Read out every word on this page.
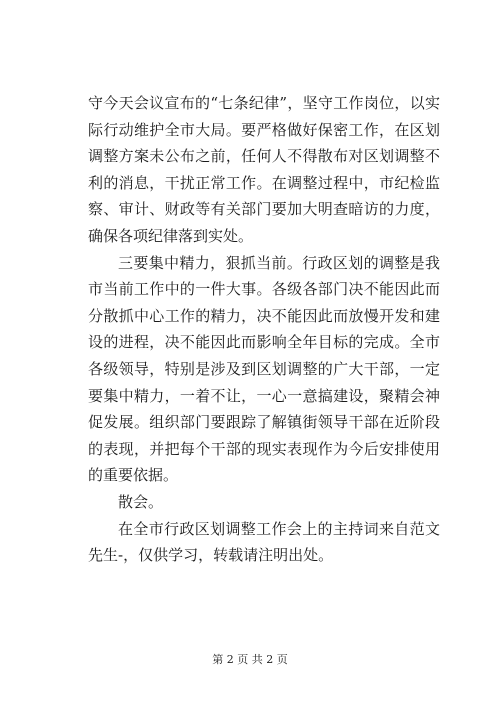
守今天会议宣布的“七条纪律”，坚守工作岗位，以实际行动维护全市大局。要严格做好保密工作，在区划调整方案未公布之前，任何人不得散布对区划调整不利的消息，干扰正常工作。在调整过程中，市纪检监察、审计、财政等有关部门要加大明查暗访的力度，确保各项纪律落到实处。

三要集中精力，狠抓当前。行政区划的调整是我市当前工作中的一件大事。各级各部门决不能因此而分散抓中心工作的精力，决不能因此而放慢开发和建设的进程，决不能因此而影响全年目标的完成。全市各级领导，特别是涉及到区划调整的广大干部，一定要集中精力，一着不让，一心一意搞建设，聚精会神促发展。组织部门要跟踪了解镇街领导干部在近阶段的表现，并把每个干部的现实表现作为今后安排使用的重要依据。

散会。

在全市行政区划调整工作会上的主持词来自范文先生-，仅供学习，转载请注明出处。

第 2 页 共 2 页
